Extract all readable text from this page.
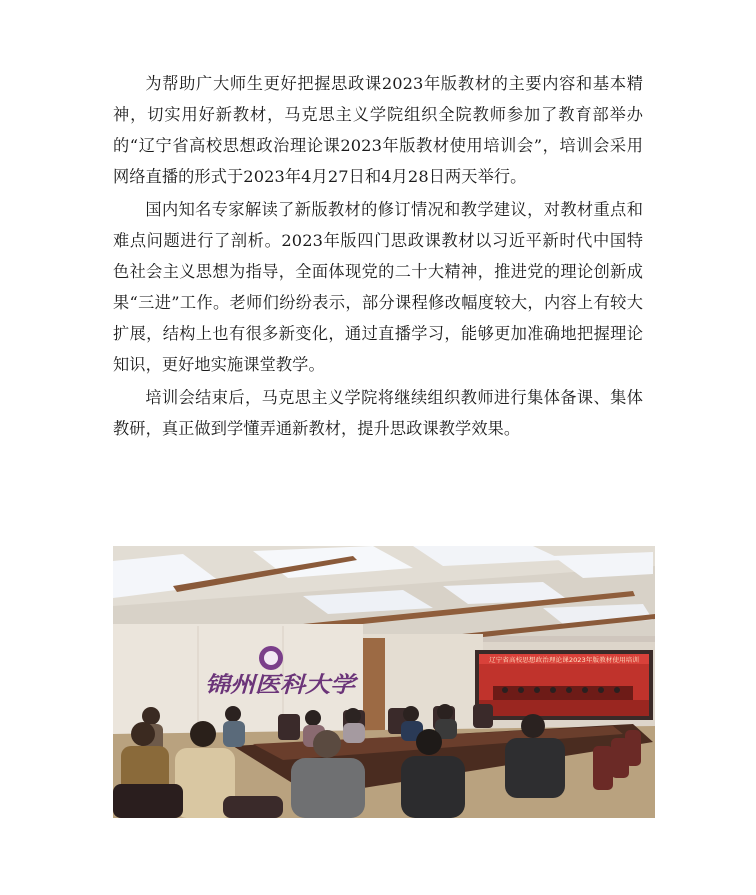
为帮助广大师生更好把握思政课2023年版教材的主要内容和基本精神，切实用好新教材，马克思主义学院组织全院教师参加了教育部举办的“辽宁省高校思想政治理论课2023年版教材使用培训会”，培训会采用网络直播的形式于2023年4月27日和4月28日两天举行。

国内知名专家解读了新版教材的修订情况和教学建议，对教材重点和难点问题进行了剖析。2023年版四门思政课教材以习近平新时代中国特色社会主义思想为指导，全面体现党的二十大精神，推进党的理论创新成果“三进”工作。老师们纷纷表示，部分课程修改幅度较大，内容上有较大扩展，结构上也有很多新变化，通过直播学习，能够更加准确地把握理论知识，更好地实施课堂教学。

培训会结束后，马克思主义学院将继续组织教师进行集体备课、集体教研，真正做到学懂弄通新教材，提升思政课教学效果。

锦州医科大学
辽宁省高校思想政治理论课2023年版教材使用培训
